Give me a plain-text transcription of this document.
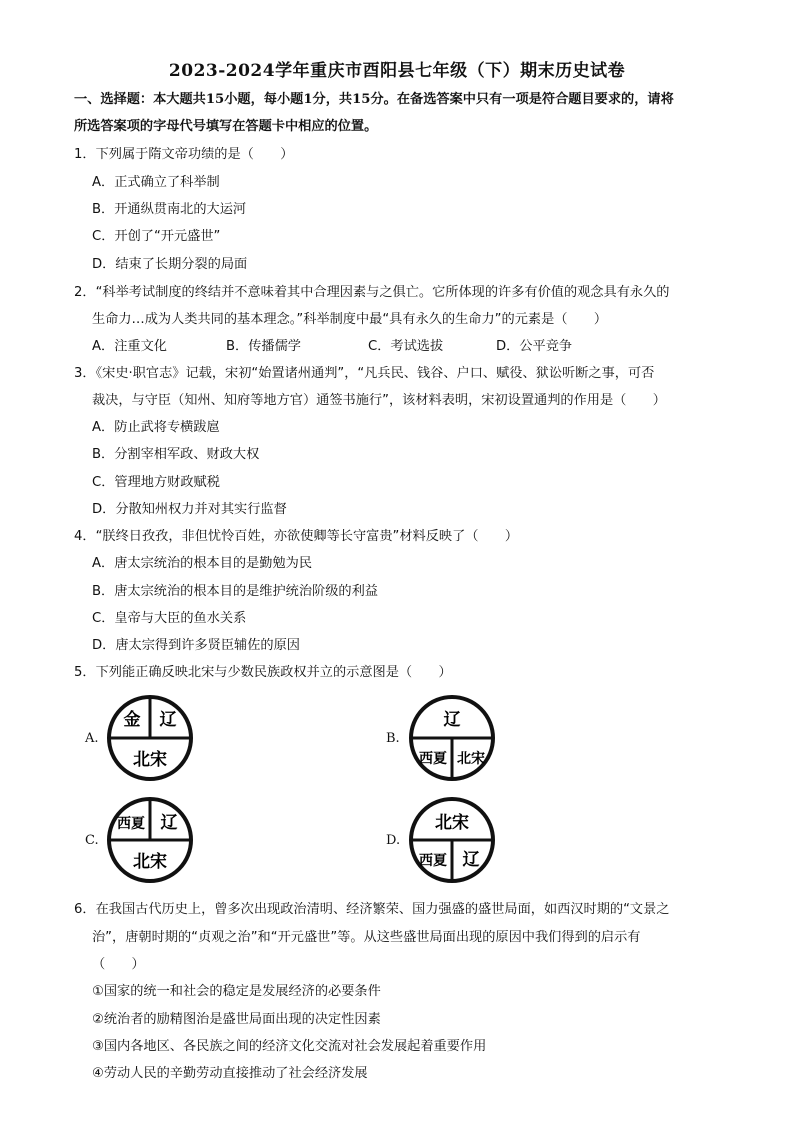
2023-2024学年重庆市酉阳县七年级（下）期末历史试卷
一、选择题：本大题共15小题，每小题1分，共15分。在备选答案中只有一项是符合题目要求的，请将
所选答案项的字母代号填写在答题卡中相应的位置。
1．下列属于隋文帝功绩的是（　　）
A．正式确立了科举制
B．开通纵贯南北的大运河
C．开创了“开元盛世”
D．结束了长期分裂的局面
2．“科举考试制度的终结并不意味着其中合理因素与之俱亡。它所体现的许多有价值的观念具有永久的
生命力…成为人类共同的基本理念。”科举制度中最“具有永久的生命力”的元素是（　　）
A．注重文化	B．传播儒学	C．考试选拔	D．公平竞争
3．《宋史·职官志》记载，宋初“始置诸州通判”，“凡兵民、钱谷、户口、赋役、狱讼听断之事，可否
裁决，与守臣（知州、知府等地方官）通签书施行”，该材料表明，宋初设置通判的作用是（　　）
A．防止武将专横跋扈
B．分割宰相军政、财政大权
C．管理地方财政赋税
D．分散知州权力并对其实行监督
4．“朕终日孜孜，非但忧怜百姓，亦欲使卿等长守富贵”材料反映了（　　）
A．唐太宗统治的根本目的是勤勉为民
B．唐太宗统治的根本目的是维护统治阶级的利益
C．皇帝与大臣的鱼水关系
D．唐太宗得到许多贤臣辅佐的原因
5．下列能正确反映北宋与少数民族政权并立的示意图是（　　）
A.
金 辽
北宋
B.
辽
西夏 北宋
C.
西夏 辽
北宋
D.
北宋
西夏 辽
6．在我国古代历史上，曾多次出现政治清明、经济繁荣、国力强盛的盛世局面，如西汉时期的“文景之
治”，唐朝时期的“贞观之治”和“开元盛世”等。从这些盛世局面出现的原因中我们得到的启示有
（　　）
①国家的统一和社会的稳定是发展经济的必要条件
②统治者的励精图治是盛世局面出现的决定性因素
③国内各地区、各民族之间的经济文化交流对社会发展起着重要作用
④劳动人民的辛勤劳动直接推动了社会经济发展
